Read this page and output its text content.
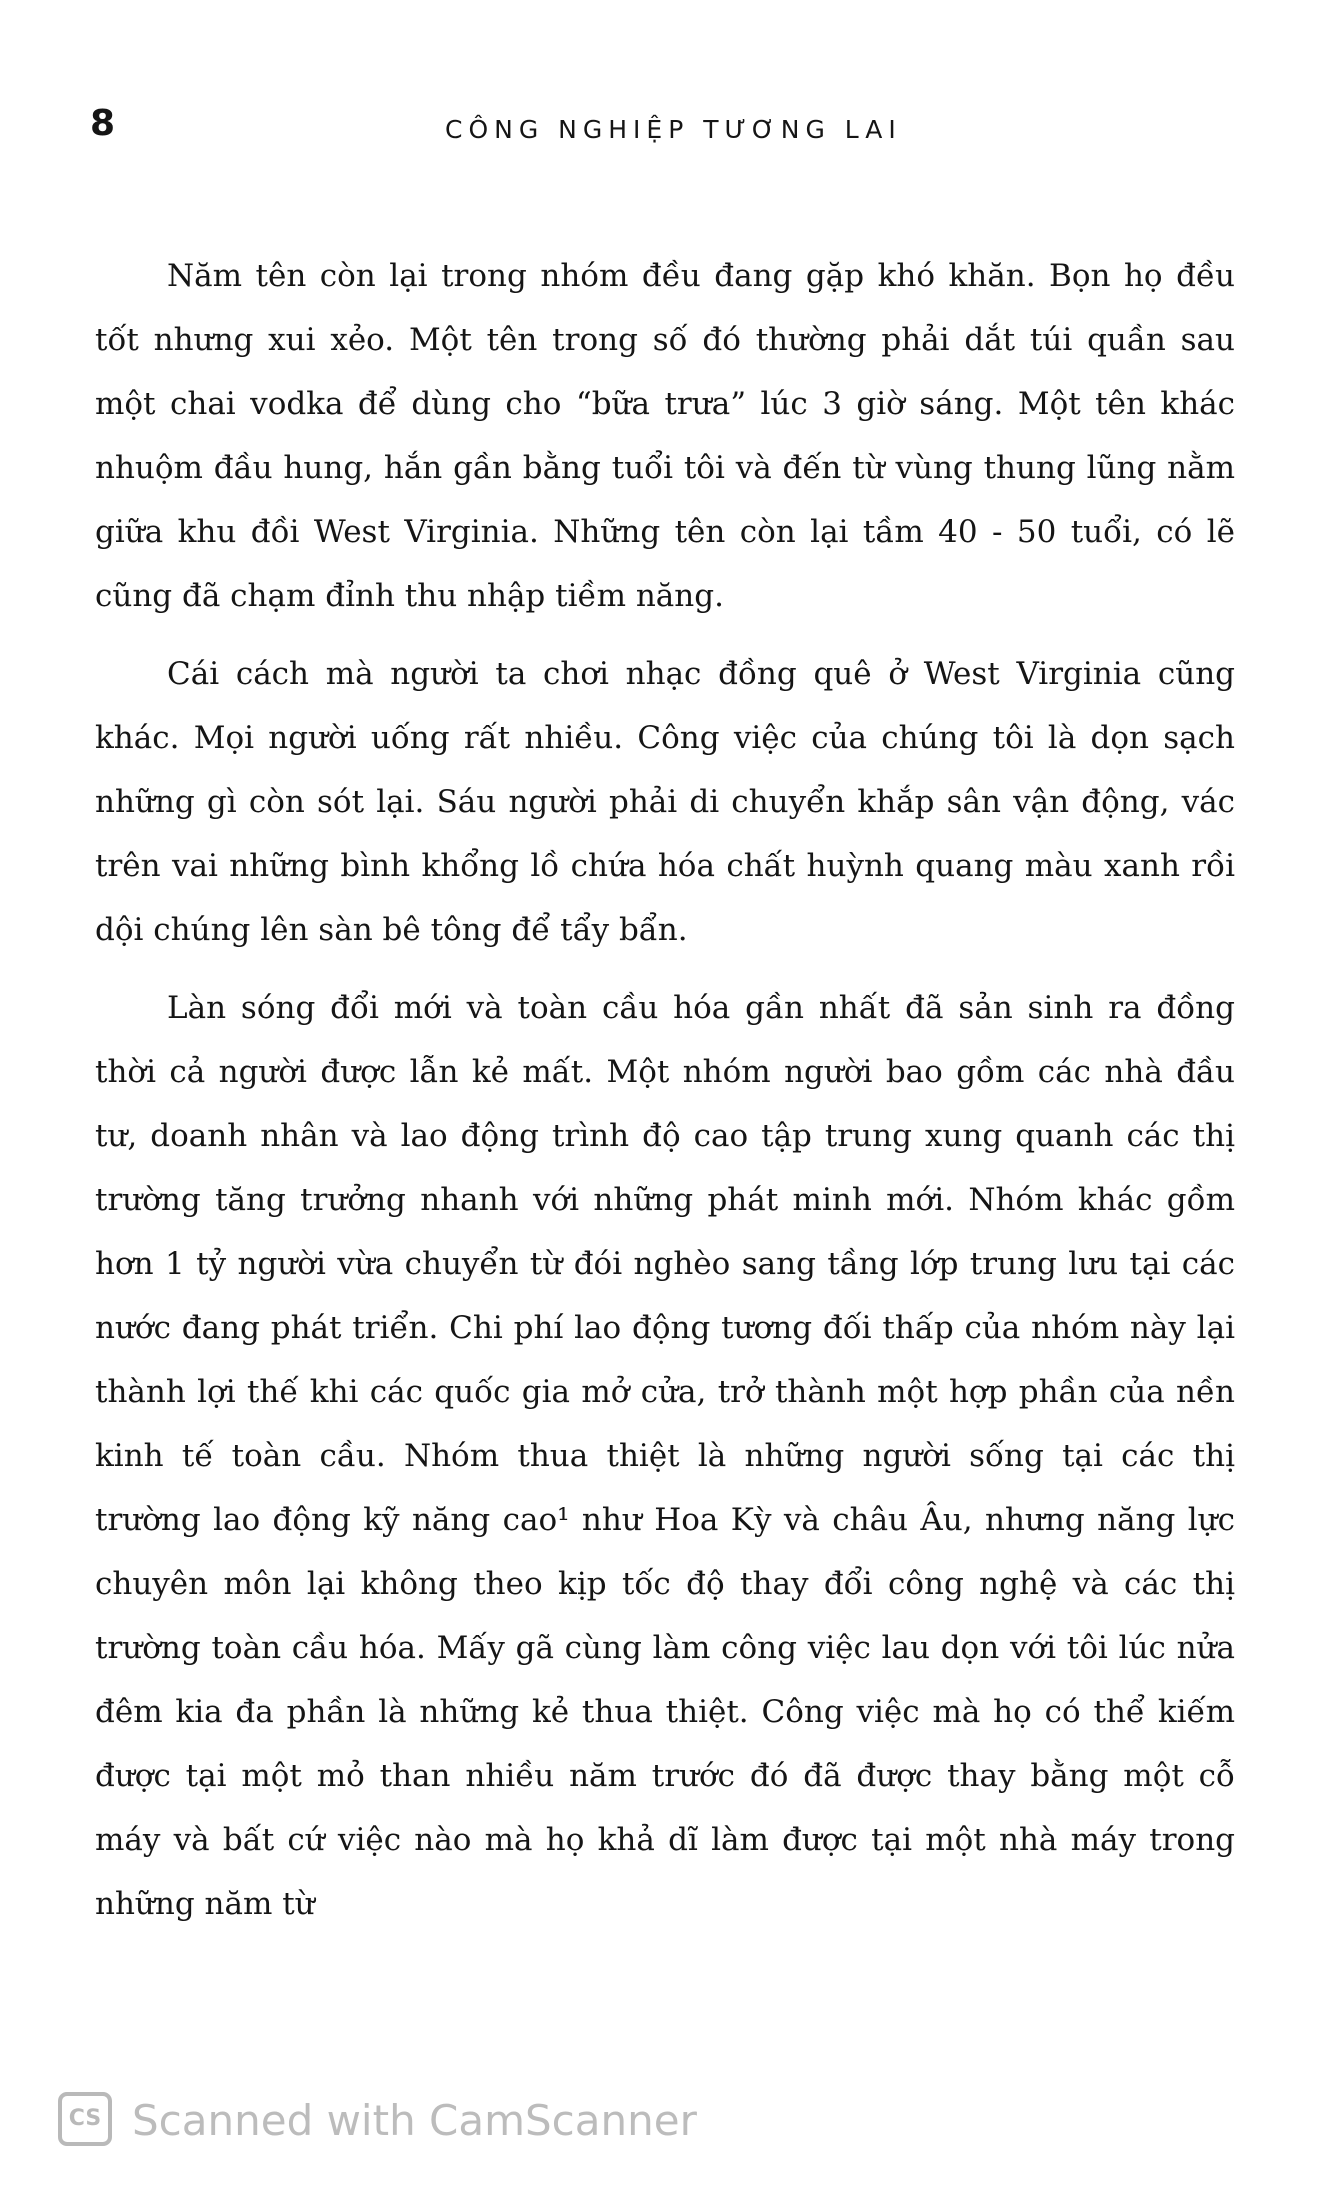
8	CÔNG NGHIỆP TƯƠNG LAI

Năm tên còn lại trong nhóm đều đang gặp khó khăn. Bọn họ đều tốt nhưng xui xẻo. Một tên trong số đó thường phải dắt túi quần sau một chai vodka để dùng cho “bữa trưa” lúc 3 giờ sáng. Một tên khác nhuộm đầu hung, hắn gần bằng tuổi tôi và đến từ vùng thung lũng nằm giữa khu đồi West Virginia. Những tên còn lại tầm 40 - 50 tuổi, có lẽ cũng đã chạm đỉnh thu nhập tiềm năng.

Cái cách mà người ta chơi nhạc đồng quê ở West Virginia cũng khác. Mọi người uống rất nhiều. Công việc của chúng tôi là dọn sạch những gì còn sót lại. Sáu người phải di chuyển khắp sân vận động, vác trên vai những bình khổng lồ chứa hóa chất huỳnh quang màu xanh rồi dội chúng lên sàn bê tông để tẩy bẩn.

Làn sóng đổi mới và toàn cầu hóa gần nhất đã sản sinh ra đồng thời cả người được lẫn kẻ mất. Một nhóm người bao gồm các nhà đầu tư, doanh nhân và lao động trình độ cao tập trung xung quanh các thị trường tăng trưởng nhanh với những phát minh mới. Nhóm khác gồm hơn 1 tỷ người vừa chuyển từ đói nghèo sang tầng lớp trung lưu tại các nước đang phát triển. Chi phí lao động tương đối thấp của nhóm này lại thành lợi thế khi các quốc gia mở cửa, trở thành một hợp phần của nền kinh tế toàn cầu. Nhóm thua thiệt là những người sống tại các thị trường lao động kỹ năng cao¹ như Hoa Kỳ và châu Âu, nhưng năng lực chuyên môn lại không theo kịp tốc độ thay đổi công nghệ và các thị trường toàn cầu hóa. Mấy gã cùng làm công việc lau dọn với tôi lúc nửa đêm kia đa phần là những kẻ thua thiệt. Công việc mà họ có thể kiếm được tại một mỏ than nhiều năm trước đó đã được thay bằng một cỗ máy và bất cứ việc nào mà họ khả dĩ làm được tại một nhà máy trong những năm từ

CS Scanned with CamScanner
